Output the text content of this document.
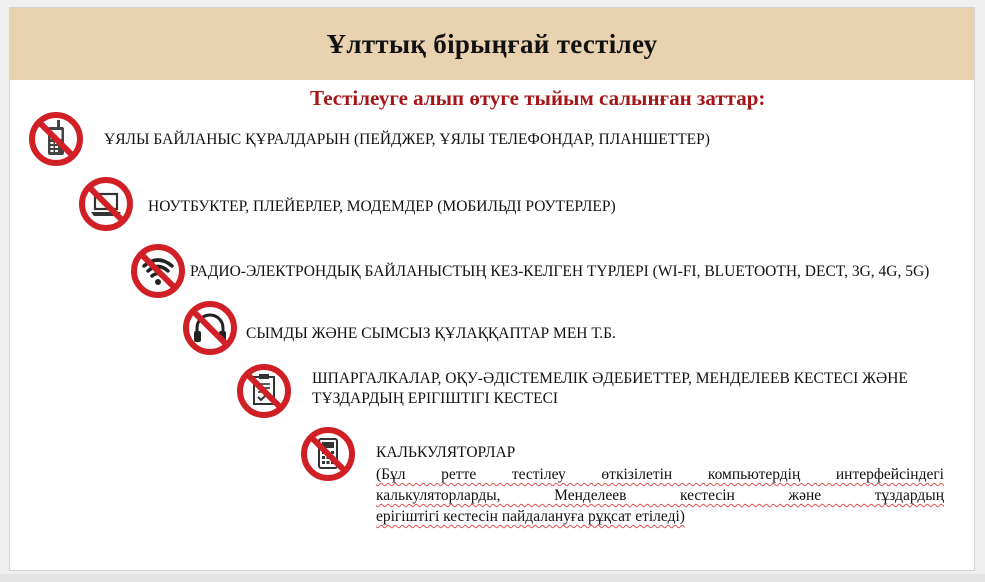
Ұлттық бірыңғай тестілеу
Тестілеуге алып өтуге тыйым салынған заттар:
ҰЯЛЫ БАЙЛАНЫС ҚҰРАЛДАРЫН (ПЕЙДЖЕР, ҰЯЛЫ ТЕЛЕФОНДАР, ПЛАНШЕТТЕР)
НОУТБУКТЕР, ПЛЕЙЕРЛЕР, МОДЕМДЕР (МОБИЛЬДІ РОУТЕРЛЕР)
РАДИО-ЭЛЕКТРОНДЫҚ БАЙЛАНЫСТЫҢ КЕЗ-КЕЛГЕН ТҮРЛЕРІ (WI-FI, BLUETOOTH, DECT, 3G, 4G, 5G)
СЫМДЫ ЖӘНЕ СЫМСЫЗ ҚҰЛАҚҚАПТАР МЕН Т.Б.
ШПАРГАЛКАЛАР, ОҚУ-ӘДІСТЕМЕЛІК ӘДЕБИЕТТЕР, МЕНДЕЛЕЕВ КЕСТЕСІ ЖӘНЕ ТҰЗДАРДЫҢ ЕРІГІШТІГІ КЕСТЕСІ
КАЛЬКУЛЯТОРЛАР
(Бұл ретте тестілеу өткізілетін компьютердің интерфейсіндегі
калькуляторларды, Менделеев кестесін және тұздардың
ерігіштігі кестесін пайдалануға рұқсат етіледі)
